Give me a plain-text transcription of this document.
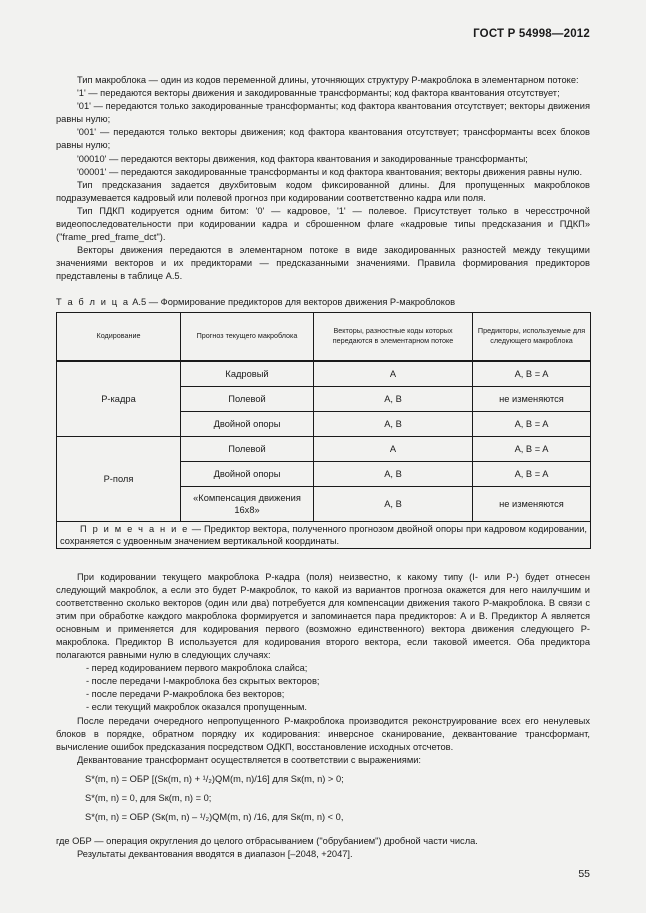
ГОСТ Р 54998—2012

Тип макроблока — один из кодов переменной длины, уточняющих структуру P-макроблока в элементарном потоке:

'1' — передаются векторы движения и закодированные трансформанты; код фактора квантования отсутствует;

'01' — передаются только закодированные трансформанты; код фактора квантования отсутствует; векторы движения равны нулю;

'001' — передаются только векторы движения; код фактора квантования отсутствует; трансформанты всех блоков равны нулю;

'00010' — передаются векторы движения, код фактора квантования и закодированные трансформанты;

'00001' — передаются закодированные трансформанты и код фактора квантования; векторы движения равны нулю.

Тип предсказания задается двухбитовым кодом фиксированной длины. Для пропущенных макроблоков подразумевается кадровый или полевой прогноз при кодировании соответственно кадра или поля.

Тип ПДКП кодируется одним битом: '0' — кадровое, '1' — полевое. Присутствует только в чересстрочной видеопоследовательности при кодировании кадра и сброшенном флаге «кадровые типы предсказания и ПДКП» ("frame_pred_frame_dct").

Векторы движения передаются в элементарном потоке в виде закодированных разностей между текущими значениями векторов и их предикторами — предсказанными значениями. Правила формирования предикторов представлены в таблице А.5.

Т а б л и ц а А.5 — Формирование предикторов для векторов движения P-макроблоков

Кодирование	Прогноз текущего макроблока	Вектoры, разностные коды которых передаются в элементарном потоке	Предикторы, используемые для следующего макроблока
P-кадра	Кадровый	A	A, B = A
	Полевой	A, B	не изменяются
	Двойной опоры	A, B	A, B = A
P-поля	Полевой	A	A, B = A
	Двойной опоры	A, B	A, B = A
	«Компенсация движения 16х8»	A, B	не изменяются

П р и м е ч а н и е — Предиктор вектора, полученного прогнозом двойной опоры при кадровом кодировании, сохраняется с удвоенным значением вертикальной координаты.			

При кодировании текущего макроблока P-кадра (поля) неизвестно, к какому типу (I- или P-) будет отнесен следующий макроблок, а если это будет P-макроблок, то какой из вариантов прогноза окажется для него наилучшим и соответственно сколько векторов (один или два) потребуется для компенсации движения такого P-макроблока. В связи с этим при обработке каждого макроблока формируется и запоминается пара предикторов: А и В. Предиктор А является основным и применяется для кодирования первого (возможно единственного) вектора движения следующего P-макроблока. Предиктор В используется для кодирования второго вектора, если таковой имеется. Оба предиктора полагаются равными нулю в следующих случаях:

- перед кодированием первого макроблока слайса;

- после передачи I-макроблока без скрытых векторов;

- после передачи P-макроблока без векторов;

- если текущий макроблок оказался пропущенным.

После передачи очередного непропущенного P-макроблока производится реконструирование всех его ненулевых блоков в порядке, обратном порядку их кодирования: инверсное сканирование, деквантование трансформант, вычисление ошибок предсказания посредством ОДКП, восстановление исходных отсчетов.

Деквантование трансформант осуществляется в соответствии с выражениями:

S*(m, n) = ОБР [(Sк(m, n) + ¹/₂)QM(m, n)/16] для Sк(m, n) > 0;

S*(m, n) = 0, для Sк(m, n) = 0;

S*(m, n) = ОБР (Sк(m, n) – ¹/₂)QM(m, n) /16, для Sк(m, n) < 0,

где ОБР — операция округления до целого отбрасыванием ("обрубанием") дробной части числа.

Результаты деквантования вводятся в диапазон [–2048, +2047].

55
